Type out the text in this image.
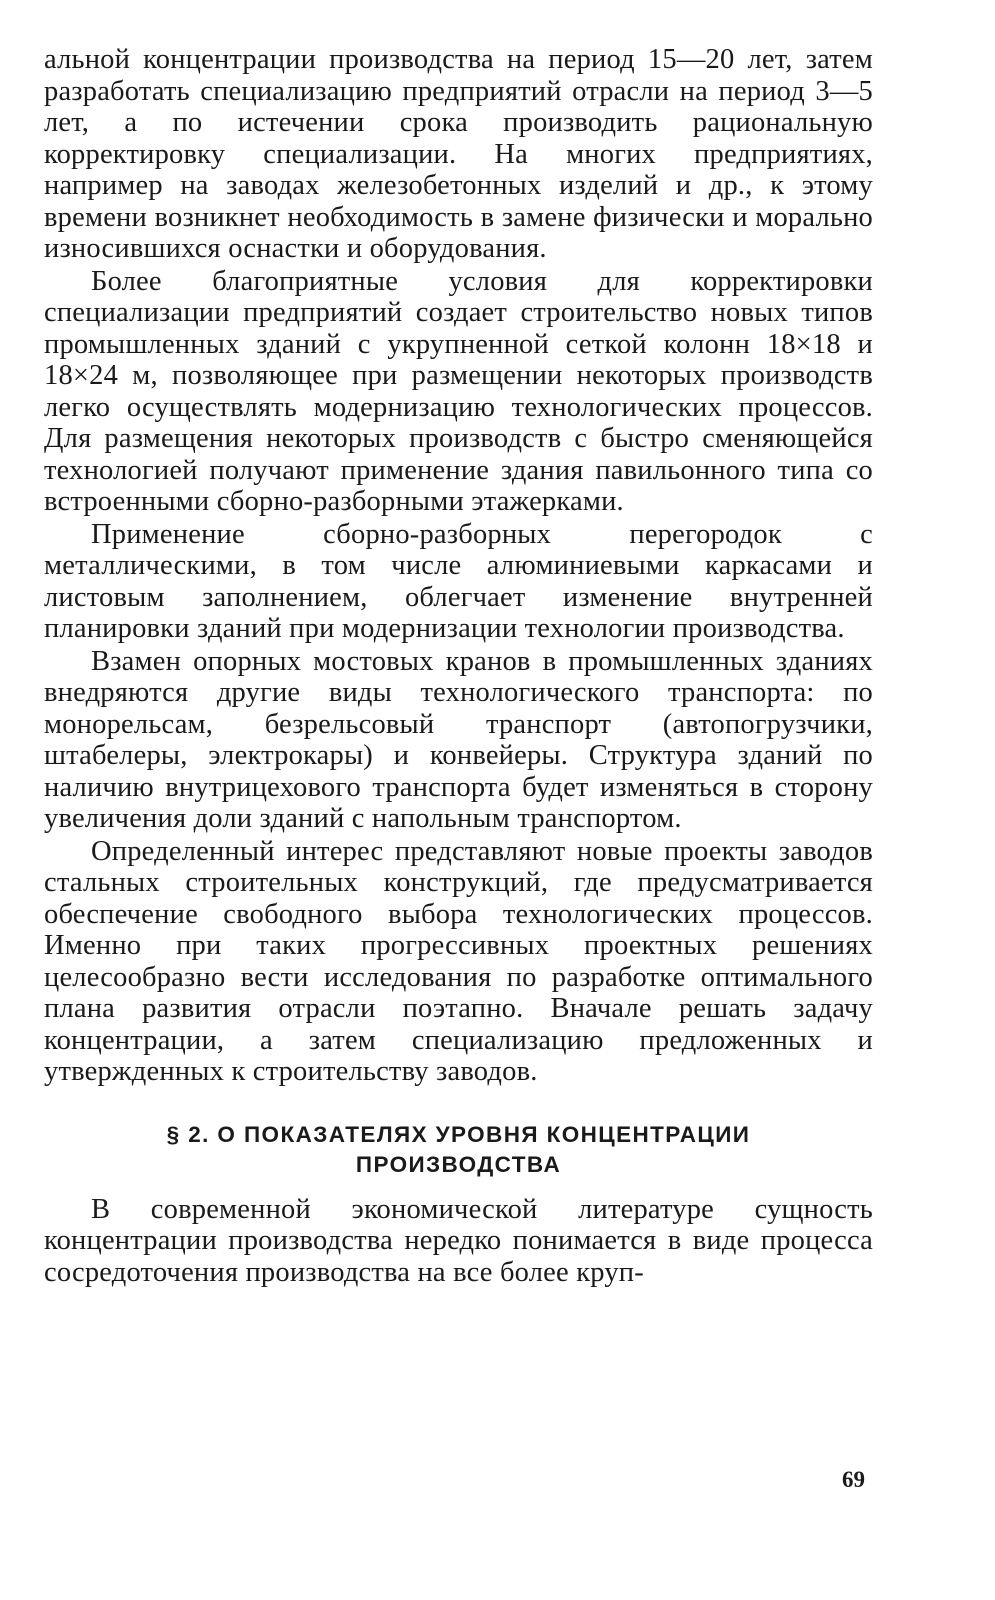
альной концентрации производства на период 15—20 лет, затем разработать специализацию предприятий отрасли на период 3—5 лет, а по истечении срока производить рациональную корректировку специализации. На многих предприятиях, например на заводах железобетонных изделий и др., к этому времени возникнет необходимость в замене физически и морально износившихся оснастки и оборудования.

Более благоприятные условия для корректировки специализации предприятий создает строительство новых типов промышленных зданий с укрупненной сеткой колонн 18×18 и 18×24 м, позволяющее при размещении некоторых производств легко осуществлять модернизацию технологических процессов. Для размещения некоторых производств с быстро сменяющейся технологией получают применение здания павильонного типа со встроенными сборно-разборными этажерками.

Применение сборно-разборных перегородок с металлическими, в том числе алюминиевыми каркасами и листовым заполнением, облегчает изменение внутренней планировки зданий при модернизации технологии производства.

Взамен опорных мостовых кранов в промышленных зданиях внедряются другие виды технологического транспорта: по монорельсам, безрельсовый транспорт (автопогрузчики, штабелеры, электрокары) и конвейеры. Структура зданий по наличию внутрицехового транспорта будет изменяться в сторону увеличения доли зданий с напольным транспортом.

Определенный интерес представляют новые проекты заводов стальных строительных конструкций, где предусматривается обеспечение свободного выбора технологических процессов. Именно при таких прогрессивных проектных решениях целесообразно вести исследования по разработке оптимального плана развития отрасли поэтапно. Вначале решать задачу концентрации, а затем специализацию предложенных и утвержденных к строительству заводов.

§ 2. О ПОКАЗАТЕЛЯХ УРОВНЯ КОНЦЕНТРАЦИИ
ПРОИЗВОДСТВА

В современной экономической литературе сущность концентрации производства нередко понимается в виде процесса сосредоточения производства на все более круп-

69
